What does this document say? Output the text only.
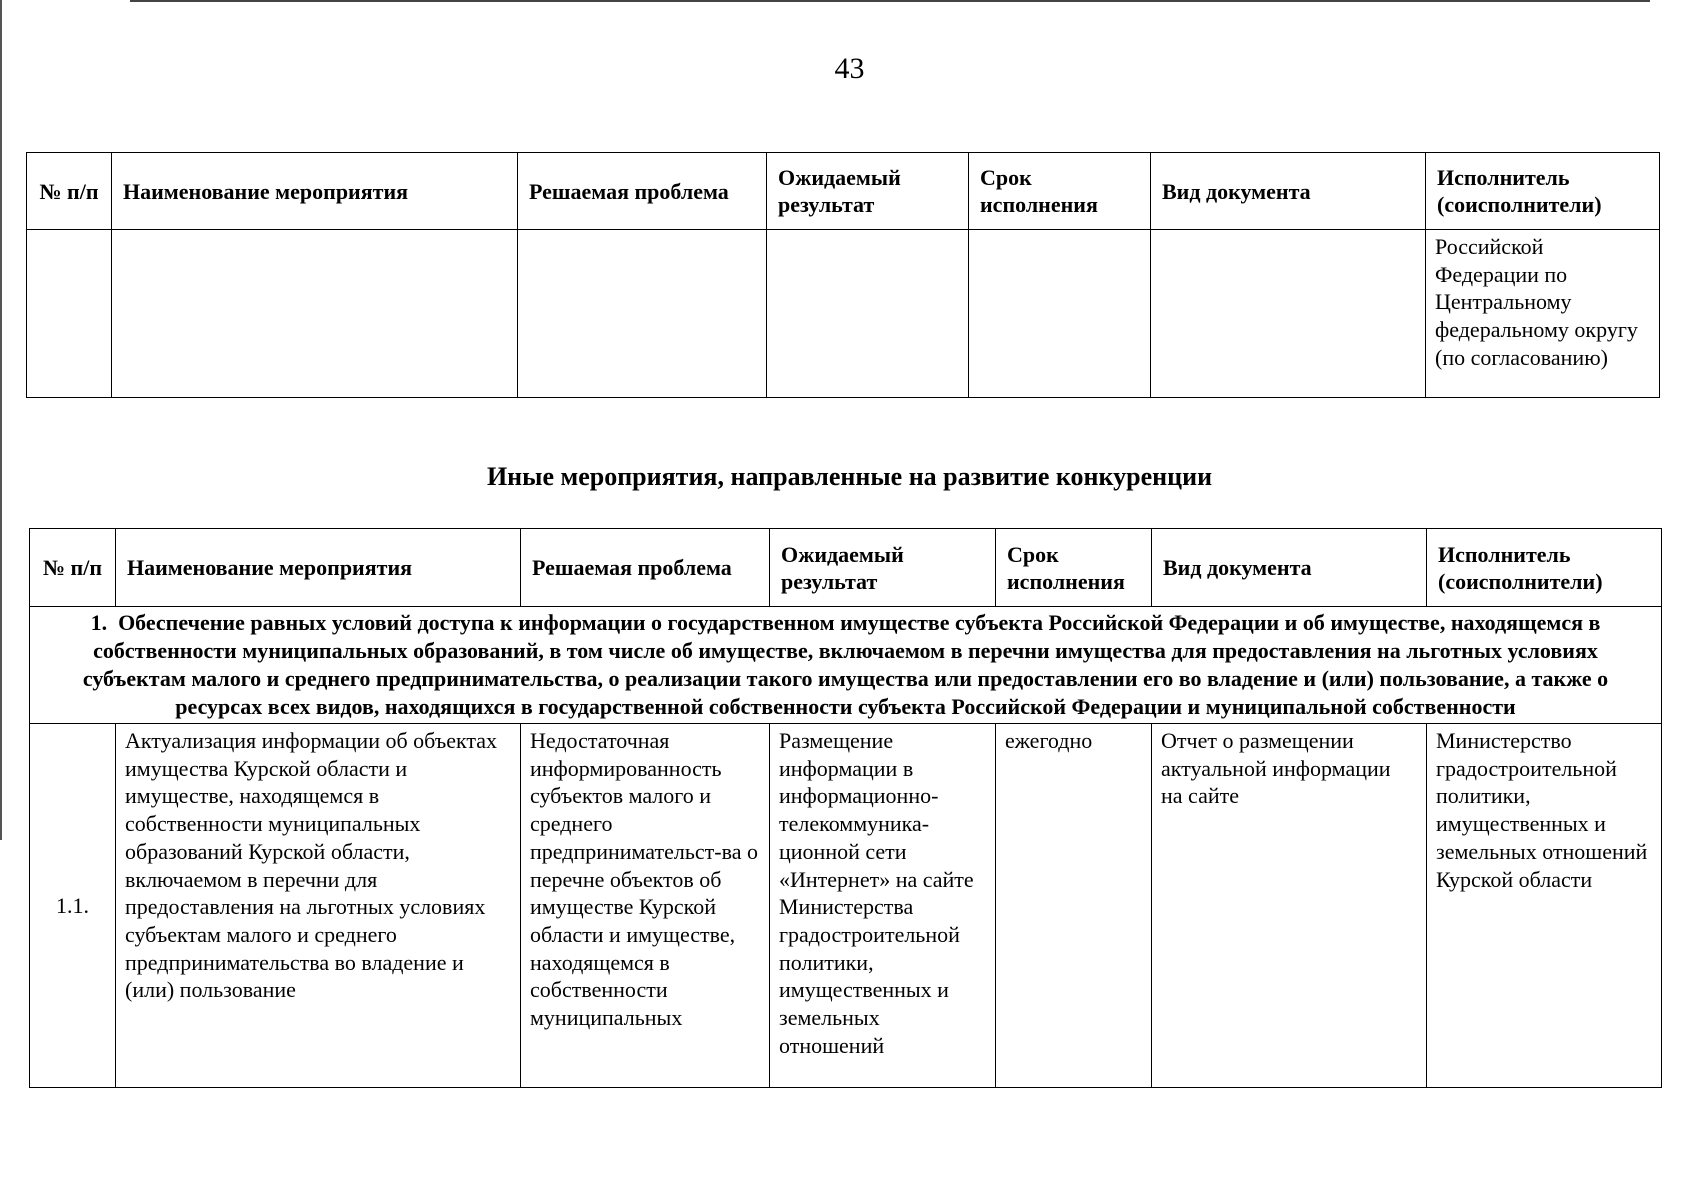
43
№ п/п	Наименование мероприятия	Решаемая проблема	Ожидаемый результат	Срок исполнения	Вид документа	Исполнитель (соисполнители)
						Российской Федерации по Центральному федеральному округу (по согласованию)
Иные мероприятия, направленные на развитие конкуренции
№ п/п	Наименование мероприятия	Решаемая проблема	Ожидаемый результат	Срок исполнения	Вид документа	Исполнитель (соисполнители)
1.  Обеспечение равных условий доступа к информации о государственном имуществе субъекта Российской Федерации и об имуществе, находящемся в собственности муниципальных образований, в том числе об имуществе, включаемом в перечни имущества для предоставления на льготных условиях субъектам малого и среднего предпринимательства, о реализации такого имущества или предоставлении его во владение и (или) пользование, а также о ресурсах всех видов, находящихся в государственной собственности субъекта Российской Федерации и муниципальной собственности						
1.1.	Актуализация информации об объектах имущества Курской области и имуществе, находящемся в собственности муниципальных образований Курской области, включаемом в перечни для предоставления на льготных условиях субъектам малого и среднего предпринимательства во владение и (или) пользование	Недостаточная информированность субъектов малого и среднего предпринимательст-ва о перечне объектов об имуществе Курской области и имуществе, находящемся в собственности муниципальных	Размещение информации в информационно-телекоммуника-ционной сети «Интернет» на сайте Министерства градостроительной политики, имущественных и земельных отношений	ежегодно	Отчет о размещении актуальной информации на сайте	Министерство градостроительной политики, имущественных и земельных отношений Курской области
